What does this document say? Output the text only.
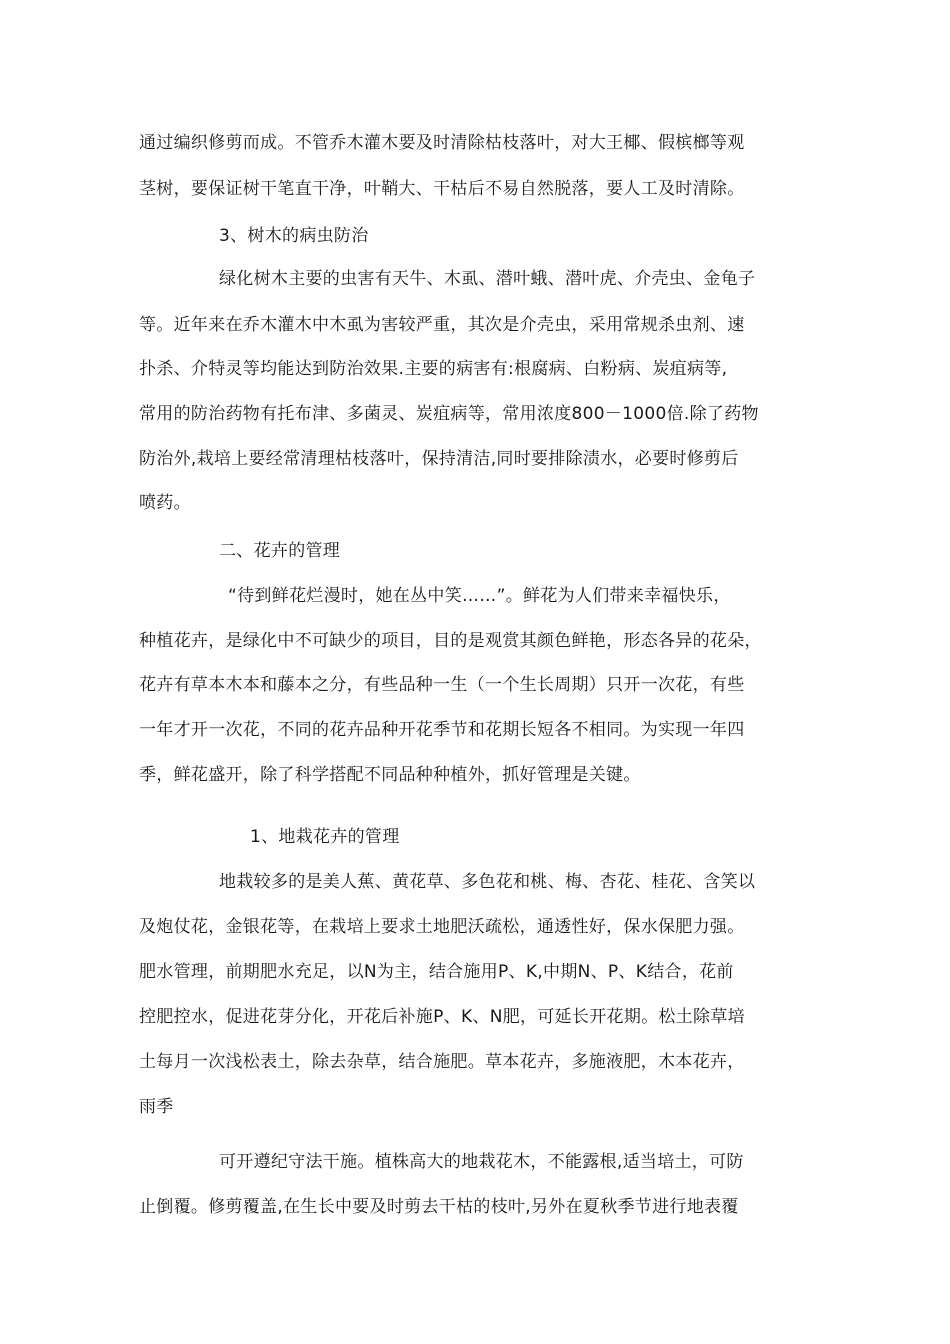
通过编织修剪而成。不管乔木灌木要及时清除枯枝落叶，对大王椰、假槟榔等观
茎树，要保证树干笔直干净，叶鞘大、干枯后不易自然脱落，要人工及时清除。
3、树木的病虫防治
绿化树木主要的虫害有天牛、木虱、潜叶蛾、潜叶虎、介壳虫、金龟子
等。近年来在乔木灌木中木虱为害较严重，其次是介壳虫，采用常规杀虫剂、速
扑杀、介特灵等均能达到防治效果.主要的病害有:根腐病、白粉病、炭疽病等,
常用的防治药物有托布津、多菌灵、炭疽病等，常用浓度800－1000倍.除了药物
防治外,栽培上要经常清理枯枝落叶，保持清洁,同时要排除渍水，必要时修剪后
喷药。
二、花卉的管理
“待到鲜花烂漫时，她在丛中笑……”。鲜花为人们带来幸福快乐，
种植花卉，是绿化中不可缺少的项目，目的是观赏其颜色鲜艳，形态各异的花朵，
花卉有草本木本和藤本之分，有些品种一生（一个生长周期）只开一次花，有些
一年才开一次花，不同的花卉品种开花季节和花期长短各不相同。为实现一年四
季，鲜花盛开，除了科学搭配不同品种种植外，抓好管理是关键。
1、地栽花卉的管理
地栽较多的是美人蕉、黄花草、多色花和桃、梅、杏花、桂花、含笑以
及炮仗花，金银花等，在栽培上要求土地肥沃疏松，通透性好，保水保肥力强。
肥水管理，前期肥水充足，以N为主，结合施用P、K,中期N、P、K结合，花前
控肥控水，促进花芽分化，开花后补施P、K、N肥，可延长开花期。松土除草培
土每月一次浅松表土，除去杂草，结合施肥。草本花卉，多施液肥，木本花卉，
雨季
可开遵纪守法干施。植株高大的地栽花木，不能露根,适当培土，可防
止倒覆。修剪覆盖,在生长中要及时剪去干枯的枝叶,另外在夏秋季节进行地表覆
